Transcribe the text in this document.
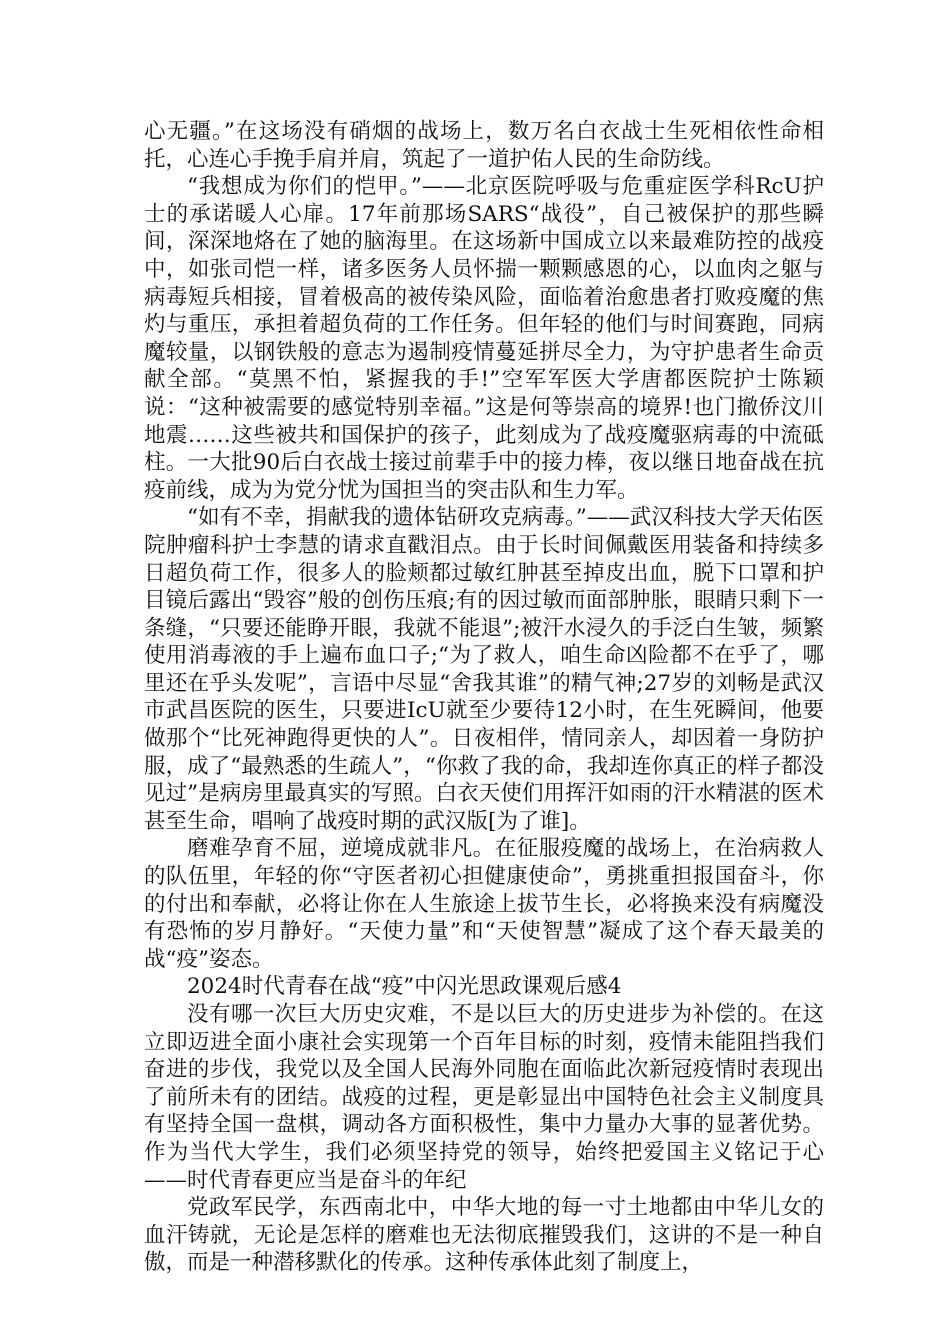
心无疆。”在这场没有硝烟的战场上，数万名白衣战士生死相依性命相托，心连心手挽手肩并肩，筑起了一道护佑人民的生命防线。

“我想成为你们的恺甲。”——北京医院呼吸与危重症医学科RcU护士的承诺暖人心扉。17年前那场SARS“战役”，自己被保护的那些瞬间，深深地烙在了她的脑海里。在这场新中国成立以来最难防控的战疫中，如张司恺一样，诸多医务人员怀揣一颗颗感恩的心，以血肉之躯与病毒短兵相接，冒着极高的被传染风险，面临着治愈患者打败疫魔的焦灼与重压，承担着超负荷的工作任务。但年轻的他们与时间赛跑，同病魔较量，以钢铁般的意志为遏制疫情蔓延拼尽全力，为守护患者生命贡献全部。“莫黑不怕，紧握我的手!”空军军医大学唐都医院护士陈颖说：“这种被需要的感觉特别幸福。”这是何等崇高的境界!也门撤侨汶川地震……这些被共和国保护的孩子，此刻成为了战疫魔驱病毒的中流砥柱。一大批90后白衣战士接过前辈手中的接力棒，夜以继日地奋战在抗疫前线，成为为党分忧为国担当的突击队和生力军。

“如有不幸，捐献我的遗体钻研攻克病毒。”——武汉科技大学天佑医院肿瘤科护士李慧的请求直戳泪点。由于长时间佩戴医用装备和持续多日超负荷工作，很多人的脸颊都过敏红肿甚至掉皮出血，脱下口罩和护目镜后露出“毁容”般的创伤压痕;有的因过敏而面部肿胀，眼睛只剩下一条缝，“只要还能睁开眼，我就不能退”;被汗水浸久的手泛白生皱，频繁使用消毒液的手上遍布血口子;“为了救人，咱生命凶险都不在乎了，哪里还在乎头发呢”，言语中尽显“舍我其谁”的精气神;27岁的刘畅是武汉市武昌医院的医生，只要进IcU就至少要待12小时，在生死瞬间，他要做那个“比死神跑得更快的人”。日夜相伴，情同亲人，却因着一身防护服，成了“最熟悉的生疏人”，“你救了我的命，我却连你真正的样子都没见过”是病房里最真实的写照。白衣天使们用挥汗如雨的汗水精湛的医术甚至生命，唱响了战疫时期的武汉版[为了谁]。

磨难孕育不屈，逆境成就非凡。在征服疫魔的战场上，在治病救人的队伍里，年轻的你“守医者初心担健康使命”，勇挑重担报国奋斗，你的付出和奉献，必将让你在人生旅途上拔节生长，必将换来没有病魔没有恐怖的岁月静好。“天使力量”和“天使智慧”凝成了这个春天最美的战“疫”姿态。

2024时代青春在战“疫”中闪光思政课观后感4

没有哪一次巨大历史灾难，不是以巨大的历史进步为补偿的。在这立即迈进全面小康社会实现第一个百年目标的时刻，疫情未能阻挡我们奋进的步伐，我党以及全国人民海外同胞在面临此次新冠疫情时表现出了前所未有的团结。战疫的过程，更是彰显出中国特色社会主义制度具有坚持全国一盘棋，调动各方面积极性，集中力量办大事的显著优势。作为当代大学生，我们必须坚持党的领导，始终把爱国主义铭记于心——时代青春更应当是奋斗的年纪

党政军民学，东西南北中，中华大地的每一寸土地都由中华儿女的血汗铸就，无论是怎样的磨难也无法彻底摧毁我们，这讲的不是一种自傲，而是一种潜移默化的传承。这种传承体此刻了制度上，
